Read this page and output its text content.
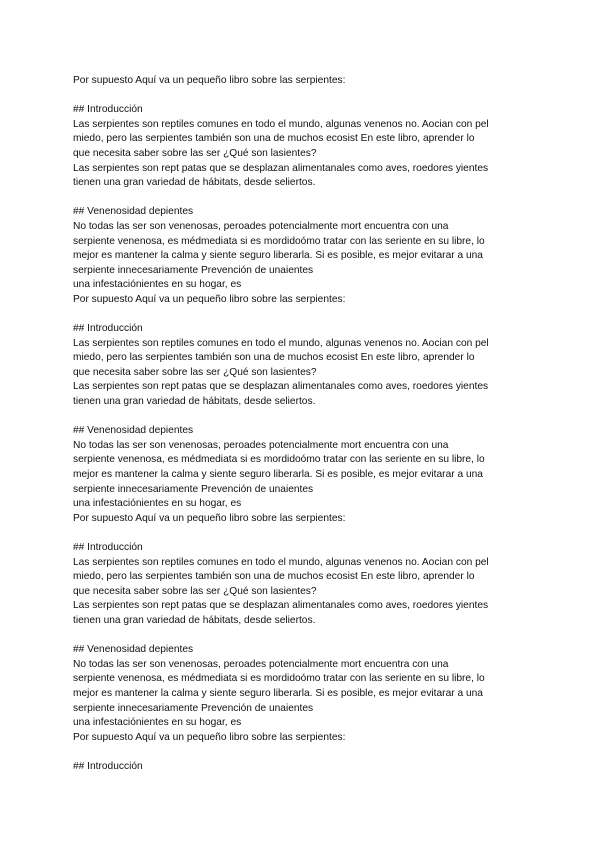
Por supuesto Aquí va un pequeño libro sobre las serpientes:
## Introducción
Las serpientes son reptiles comunes en todo el mundo, algunas venenos no. Aocian con pel
miedo, pero las serpientes también son una de muchos ecosist En este libro, aprender lo
que necesita saber sobre las ser ¿Qué son lasientes?
Las serpientes son rept patas que se desplazan alimentanales como aves, roedores yientes
tienen una gran variedad de hábitats, desde seliertos.
## Venenosidad depientes
No todas las ser son venenosas, peroades potencialmente mort encuentra con una
serpiente venenosa, es médmediata si es mordidoómo tratar con las seriente en su libre, lo
mejor es mantener la calma y siente seguro liberarla. Si es posible, es mejor evitarar a una
serpiente innecesariamente Prevención de unaientes
una infestaciónientes en su hogar, es
Por supuesto Aquí va un pequeño libro sobre las serpientes:
## Introducción
Las serpientes son reptiles comunes en todo el mundo, algunas venenos no. Aocian con pel
miedo, pero las serpientes también son una de muchos ecosist En este libro, aprender lo
que necesita saber sobre las ser ¿Qué son lasientes?
Las serpientes son rept patas que se desplazan alimentanales como aves, roedores yientes
tienen una gran variedad de hábitats, desde seliertos.
## Venenosidad depientes
No todas las ser son venenosas, peroades potencialmente mort encuentra con una
serpiente venenosa, es médmediata si es mordidoómo tratar con las seriente en su libre, lo
mejor es mantener la calma y siente seguro liberarla. Si es posible, es mejor evitarar a una
serpiente innecesariamente Prevención de unaientes
una infestaciónientes en su hogar, es
Por supuesto Aquí va un pequeño libro sobre las serpientes:
## Introducción
Las serpientes son reptiles comunes en todo el mundo, algunas venenos no. Aocian con pel
miedo, pero las serpientes también son una de muchos ecosist En este libro, aprender lo
que necesita saber sobre las ser ¿Qué son lasientes?
Las serpientes son rept patas que se desplazan alimentanales como aves, roedores yientes
tienen una gran variedad de hábitats, desde seliertos.
## Venenosidad depientes
No todas las ser son venenosas, peroades potencialmente mort encuentra con una
serpiente venenosa, es médmediata si es mordidoómo tratar con las seriente en su libre, lo
mejor es mantener la calma y siente seguro liberarla. Si es posible, es mejor evitarar a una
serpiente innecesariamente Prevención de unaientes
una infestaciónientes en su hogar, es
Por supuesto Aquí va un pequeño libro sobre las serpientes:
## Introducción
